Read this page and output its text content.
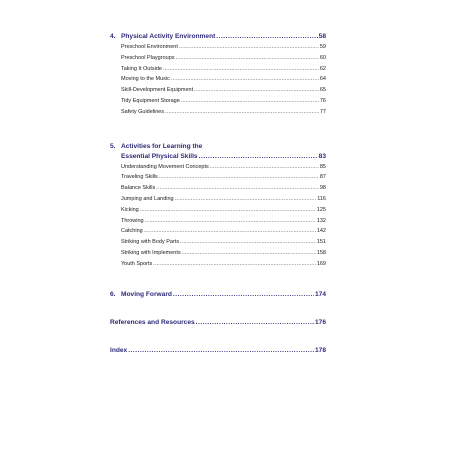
4. Physical Activity Environment .....	58
Preschool Environment .....	59
Preschool Playgroups .....	60
Taking It Outside .....	62
Moving to the Music .....	64
Skill-Development Equipment .....	65
Tidy Equipment Storage .....	76
Safety Guidelines .....	77
5. Activities for Learning the
Essential Physical Skills .....	83
Understanding Movement Concepts .....	85
Traveling Skills .....	87
Balance Skills .....	98
Jumping and Landing .....	116
Kicking .....	125
Throwing .....	132
Catching .....	142
Striking with Body Parts .....	151
Striking with Implements .....	158
Youth Sports .....	169
6. Moving Forward .....	174
References and Resources .....	176
Index .....	178
